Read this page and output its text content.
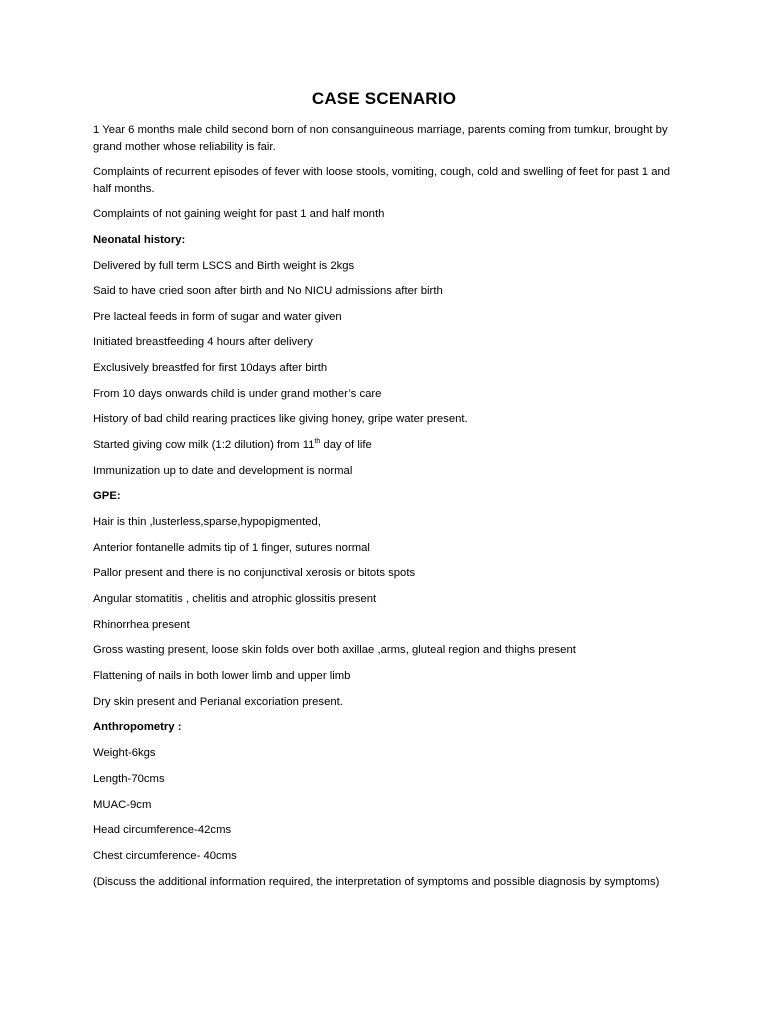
CASE SCENARIO
1 Year 6 months male child second born of non consanguineous marriage, parents coming from tumkur, brought by grand mother whose reliability is fair.
Complaints of recurrent episodes of fever with loose stools, vomiting, cough, cold and swelling of feet for past 1 and half months.
Complaints of not gaining weight for past 1 and half month
Neonatal history:
Delivered by full term LSCS and Birth weight is 2kgs
Said to have cried soon after birth and No NICU admissions after birth
Pre lacteal feeds in form of sugar and water given
Initiated breastfeeding 4 hours after delivery
Exclusively breastfed for first 10days after birth
From 10 days onwards child is under grand mother’s care
History of bad child rearing practices like giving honey, gripe water present.
Started giving cow milk (1:2 dilution) from 11th day of life
Immunization up to date and development is normal
GPE:
Hair is thin ,lusterless,sparse,hypopigmented,
Anterior fontanelle admits tip of 1 finger, sutures normal
Pallor present and there is no conjunctival xerosis or bitots spots
Angular stomatitis , chelitis and atrophic glossitis present
Rhinorrhea present
Gross wasting present, loose skin folds over both axillae ,arms, gluteal region and thighs present
Flattening of nails in both lower limb and upper limb
Dry skin present and Perianal excoriation present.
Anthropometry :
Weight-6kgs
Length-70cms
MUAC-9cm
Head circumference-42cms
Chest circumference- 40cms
(Discuss the additional information required, the interpretation of symptoms and possible diagnosis by symptoms)
